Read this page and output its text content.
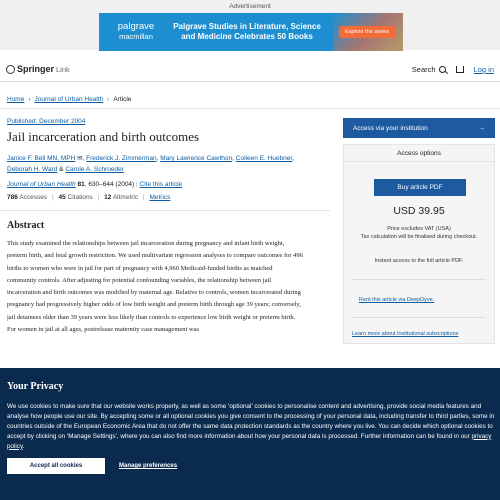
Advertisement
palgrave
macmillan
Palgrave Studies in Literature, Science and Medicine Celebrates 50 Books	Explore the series
Springer Link	Search	Log in
Home › Journal of Urban Health › Article
Published: December 2004
Jail incarceration and birth outcomes
Janice F. Bell MN, MPH ✉, Frederick J. Zimmerman, Mary Lawrence Cawthon, Colleen E. Huebner, Deborah H. Ward & Carole A. Schroeder
Journal of Urban Health 81, 630–644 (2004) | Cite this article
786 Accesses | 45 Citations | 12 Altmetric | Metrics
Abstract

This study examined the relationships between jail incarceration during pregnancy and infant birth weight, preterm birth, and fetal growth restriction. We used multivariate regression analyses to compare outcomes for 496 births to women who were in jail for part of pregnancy with 4,960 Medicaid-funded births as matched community controls. After adjusting for potential confounding variables, the relationship between jail incarceration and birth outcomes was modified by maternal age. Relative to controls, women incarcerated during pregnancy had progressively higher odds of low birth weight and preterm birth through age 39 years; conversely, jail detainees older than 39 years were less likely than controls to experience low birth weight or preterm birth. For women in jail at all ages, postrelease maternity case management was

Access via your institution	→
Access options
Buy article PDF
USD 39.95
Price excludes VAT (USA)
Tax calculation will be finalised during checkout.
Instant access to the full article PDF.
Rent this article via DeepDyve.
Learn more about Institutional subscriptions
Your Privacy

We use cookies to make sure that our website works properly, as well as some ‘optional’ cookies to personalise content and advertising, provide social media features and analyse how people use our site. By accepting some or all optional cookies you give consent to the processing of your personal data, including transfer to third parties, some in countries outside of the European Economic Area that do not offer the same data protection standards as the country where you live. You can decide which optional cookies to accept by clicking on ‘Manage Settings’, where you can also find more information about how your personal data is processed. Further information can be found in our privacy policy.

Accept all cookies	Manage preferences
